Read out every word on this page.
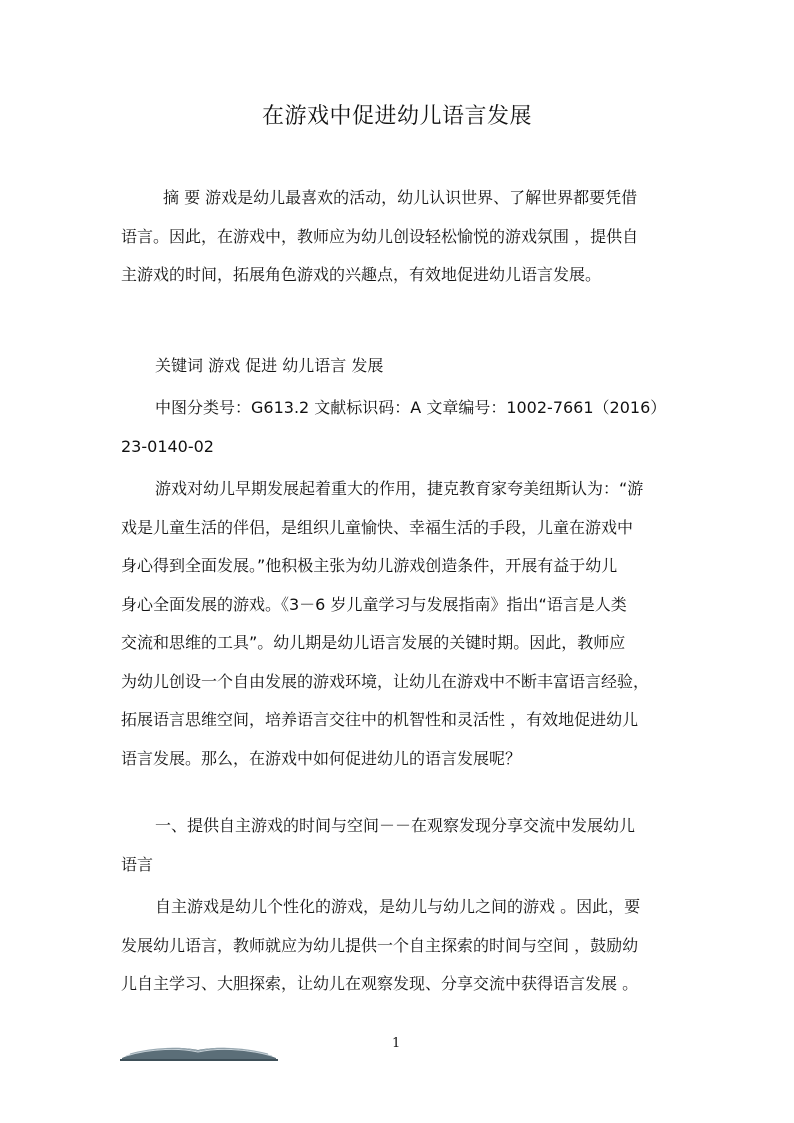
在游戏中促进幼儿语言发展
摘 要 游戏是幼儿最喜欢的活动，幼儿认识世界、了解世界都要凭借
语言。因此，在游戏中，教师应为幼儿创设轻松愉悦的游戏氛围 ，提供自
主游戏的时间，拓展角色游戏的兴趣点，有效地促进幼儿语言发展。
关键词 游戏 促进 幼儿语言 发展
中图分类号：G613.2 文献标识码：A 文章编号：1002-7661（2016）
23-0140-02
游戏对幼儿早期发展起着重大的作用，捷克教育家夸美纽斯认为：“游
戏是儿童生活的伴侣，是组织儿童愉快、幸福生活的手段，儿童在游戏中
身心得到全面发展。”他积极主张为幼儿游戏创造条件，开展有益于幼儿
身心全面发展的游戏。《3－6 岁儿童学习与发展指南》指出“语言是人类
交流和思维的工具”。幼儿期是幼儿语言发展的关键时期。因此，教师应
为幼儿创设一个自由发展的游戏环境，让幼儿在游戏中不断丰富语言经验，
拓展语言思维空间，培养语言交往中的机智性和灵活性 ，有效地促进幼儿
语言发展。那么，在游戏中如何促进幼儿的语言发展呢？
一、提供自主游戏的时间与空间－－在观察发现分享交流中发展幼儿
语言
自主游戏是幼儿个性化的游戏，是幼儿与幼儿之间的游戏 。因此，要
发展幼儿语言，教师就应为幼儿提供一个自主探索的时间与空间 ，鼓励幼
儿自主学习、大胆探索，让幼儿在观察发现、分享交流中获得语言发展 。
1
